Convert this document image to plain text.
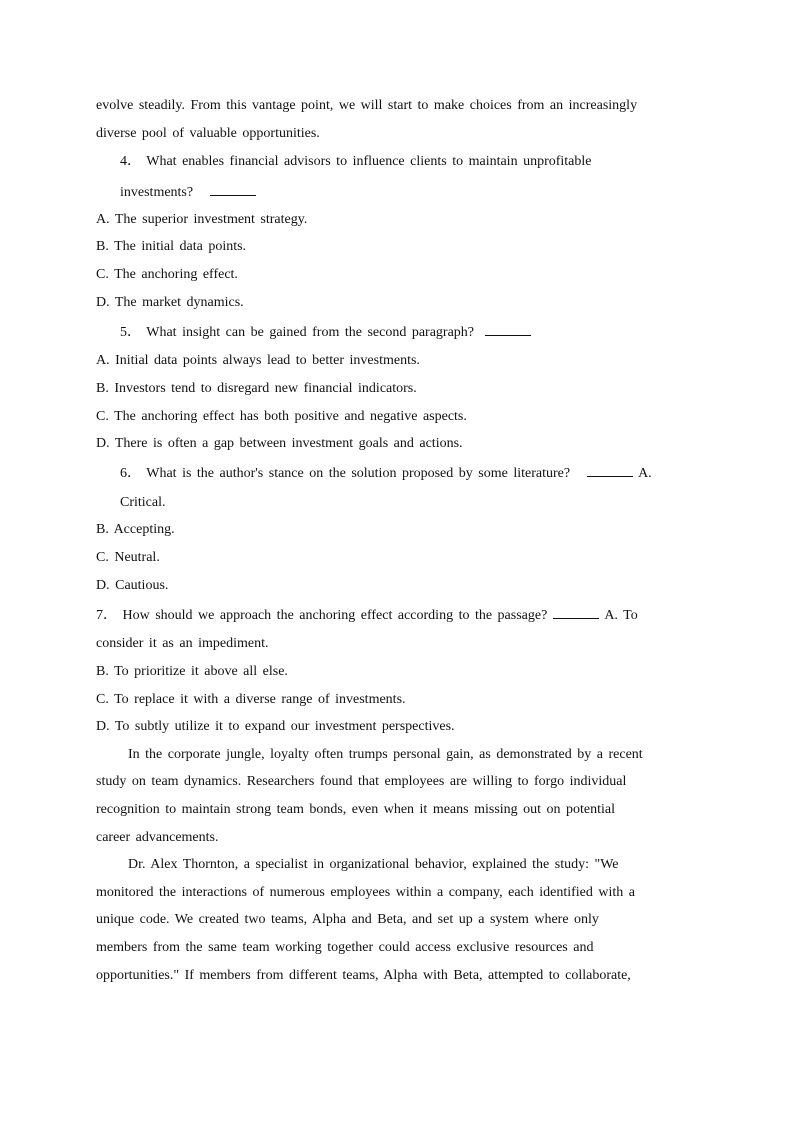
evolve steadily. From this vantage point, we will start to make choices from an increasingly
diverse pool of valuable opportunities.
4． What enables financial advisors to influence clients to maintain unprofitable
investments?
A. The superior investment strategy.
B. The initial data points.
C. The anchoring effect.
D. The market dynamics.
5． What insight can be gained from the second paragraph?
A. Initial data points always lead to better investments.
B. Investors tend to disregard new financial indicators.
C. The anchoring effect has both positive and negative aspects.
D. There is often a gap between investment goals and actions.
6． What is the author's stance on the solution proposed by some literature?	A.
Critical.
B. Accepting.
C. Neutral.
D. Cautious.
7． How should we approach the anchoring effect according to the passage?	A. To
consider it as an impediment.
B. To prioritize it above all else.
C. To replace it with a diverse range of investments.
D. To subtly utilize it to expand our investment perspectives.
In the corporate jungle, loyalty often trumps personal gain, as demonstrated by a recent
study on team dynamics. Researchers found that employees are willing to forgo individual
recognition to maintain strong team bonds, even when it means missing out on potential
career advancements.
Dr. Alex Thornton, a specialist in organizational behavior, explained the study: "We
monitored the interactions of numerous employees within a company, each identified with a
unique code. We created two teams, Alpha and Beta, and set up a system where only
members from the same team working together could access exclusive resources and
opportunities." If members from different teams, Alpha with Beta, attempted to collaborate,
